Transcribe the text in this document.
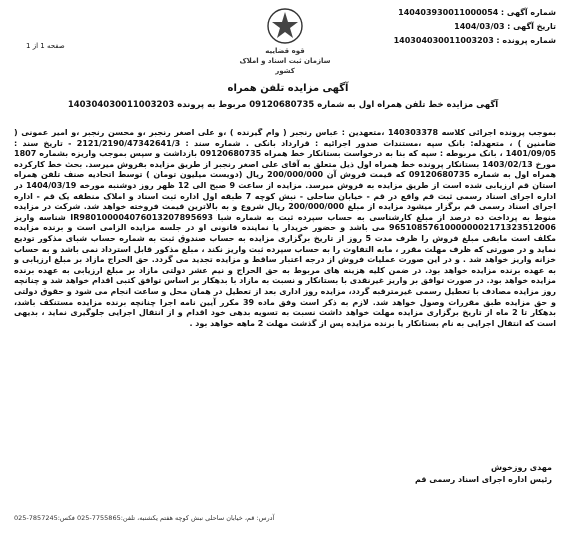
شماره آگهی : 140403930011000054
تاریخ آگهی : 1404/03/03
شماره پرونده : 140304030011003203
قوه قضاییه
سازمان ثبت اسناد و املاک کشور
صفحه 1 از 1
آگهی مزایده تلفن همراه
آگهی مزایده خط تلفن همراه اول به شماره 09120680735 مربوط به پرونده 140304030011003203

بموجب پرونده اجرائی کلاسه 140303378 ،متعهدین : عباس رنجبر ( وام گیرنده ) ،و علی اصغر رنجبر ،و محسن رنجبر ،و امیر عمونی ( ضامنین ) ، متعهدله: بانک سپه ،مستندات صدور اجرائیه : قرارداد بانکی . شماره سند : 2121/2190/47342641/3 - تاریخ سند : 1401/09/05 ، بانک مربوطه : سپه که بنا به درخواست بستانکار خط همراه 09120680735 بازداشت و سپس بموجب واریزه بشماره 1807 مورخ 1403/02/13 بستانکار پرونده خط همراه اول ذیل متعلق به آقای علی اصغر رنجبر از طریق مزایده بفروش میرسد. بحث خط کارکرده همراه اول به شماره 09120680735 که قیمت فروش آن 200/000/000 ریال (دویست میلیون تومان ) توسط اتحادیه صنف تلفن همراه استان قم ارزیابی شده است از طریق مزایده به فروش میرسد. مزایده از ساعت 9 صبح الی 12 ظهر روز دوشنبه مورخه 1404/03/19 در اداره اجرای اسناد رسمی ثبت قم واقع در قم - خیابان ساحلی - نبش کوچه 7 طبقه اول اداره ثبت اسناد و املاک منطقه یک قم - اداره اجرای اسناد رسمی قم برگزار میشود مزایده از مبلغ 200/000/000 ریال شروع و به بالاترین قیمت فروخته خواهد شد. شرکت در مزایده منوط به پرداخت ده درصد از مبلغ کارشناسی به حساب سپرده ثبت به شماره شبا IR980100004076013207895693 شناسه واریز 965108576100000002171323512006 می باشد و حضور خریدار یا نماینده قانونی او در جلسه مزایده الزامی است و برنده مزایده مکلف است مابقی مبلغ فروش را ظرف مدت 5 روز از تاریخ برگزاری مزایده به حساب صندوق ثبت به شماره حساب شبای مذکور تودیع نماید و در صورتی که ظرف مهلت مقرر ، مابه التفاوت را به حساب سپرده ثبت واریز نکند ، مبلغ مذکور قابل استرداد نمی باشد و به حساب خزانه واریز خواهد شد . و در این صورت عملیات فروش از درجه اعتبار ساقط و مزایده تجدید می گردد. حق الحراج مازاد بر مبلغ ارزیابی و به عهده برنده مزایده خواهد بود. در ضمن کلیه هزینه های مربوط به حق الحراج و نیم عشر دولتی مازاد بر مبلغ ارزیابی به عهده برنده مزایده خواهد بود. در صورت توافق بر واریز غیرنقدی با بستانکار و نسبت به مازاد با بدهکار بر اساس توافق کتبی اقدام خواهد شد و چنانچه روز مزایده مصادف با تعطیل رسمی غیرمترقبه گردد، مزایده روز اداری بعد از تعطیل در همان محل و ساعت انجام می شود و حقوق دولتی و حق مزایده طبق مقررات وصول خواهد شد. لازم به ذکر است وفق ماده 39 مکرر آیین نامه اجرا چنانچه برنده مزایده مستنکف باشد، بدهکار تا 2 ماه از تاریخ برگزاری مزایده مهلت خواهد داشت نسبت به تسویه بدهی خود اقدام و از انتقال اجرایی جلوگیری نماید ، بدیهی است که انتقال اجرایی به نام بستانکار یا برنده مزایده پس از گذشت مهلت 2 ماهه خواهد بود .

مهدی روزخوش
رئیس اداره اجرای اسناد رسمی قم
آدرس: قم، خیابان ساحلی نبش کوچه هفتم یکشنبه، تلفن:7755865-025 فکس:7857245-025
